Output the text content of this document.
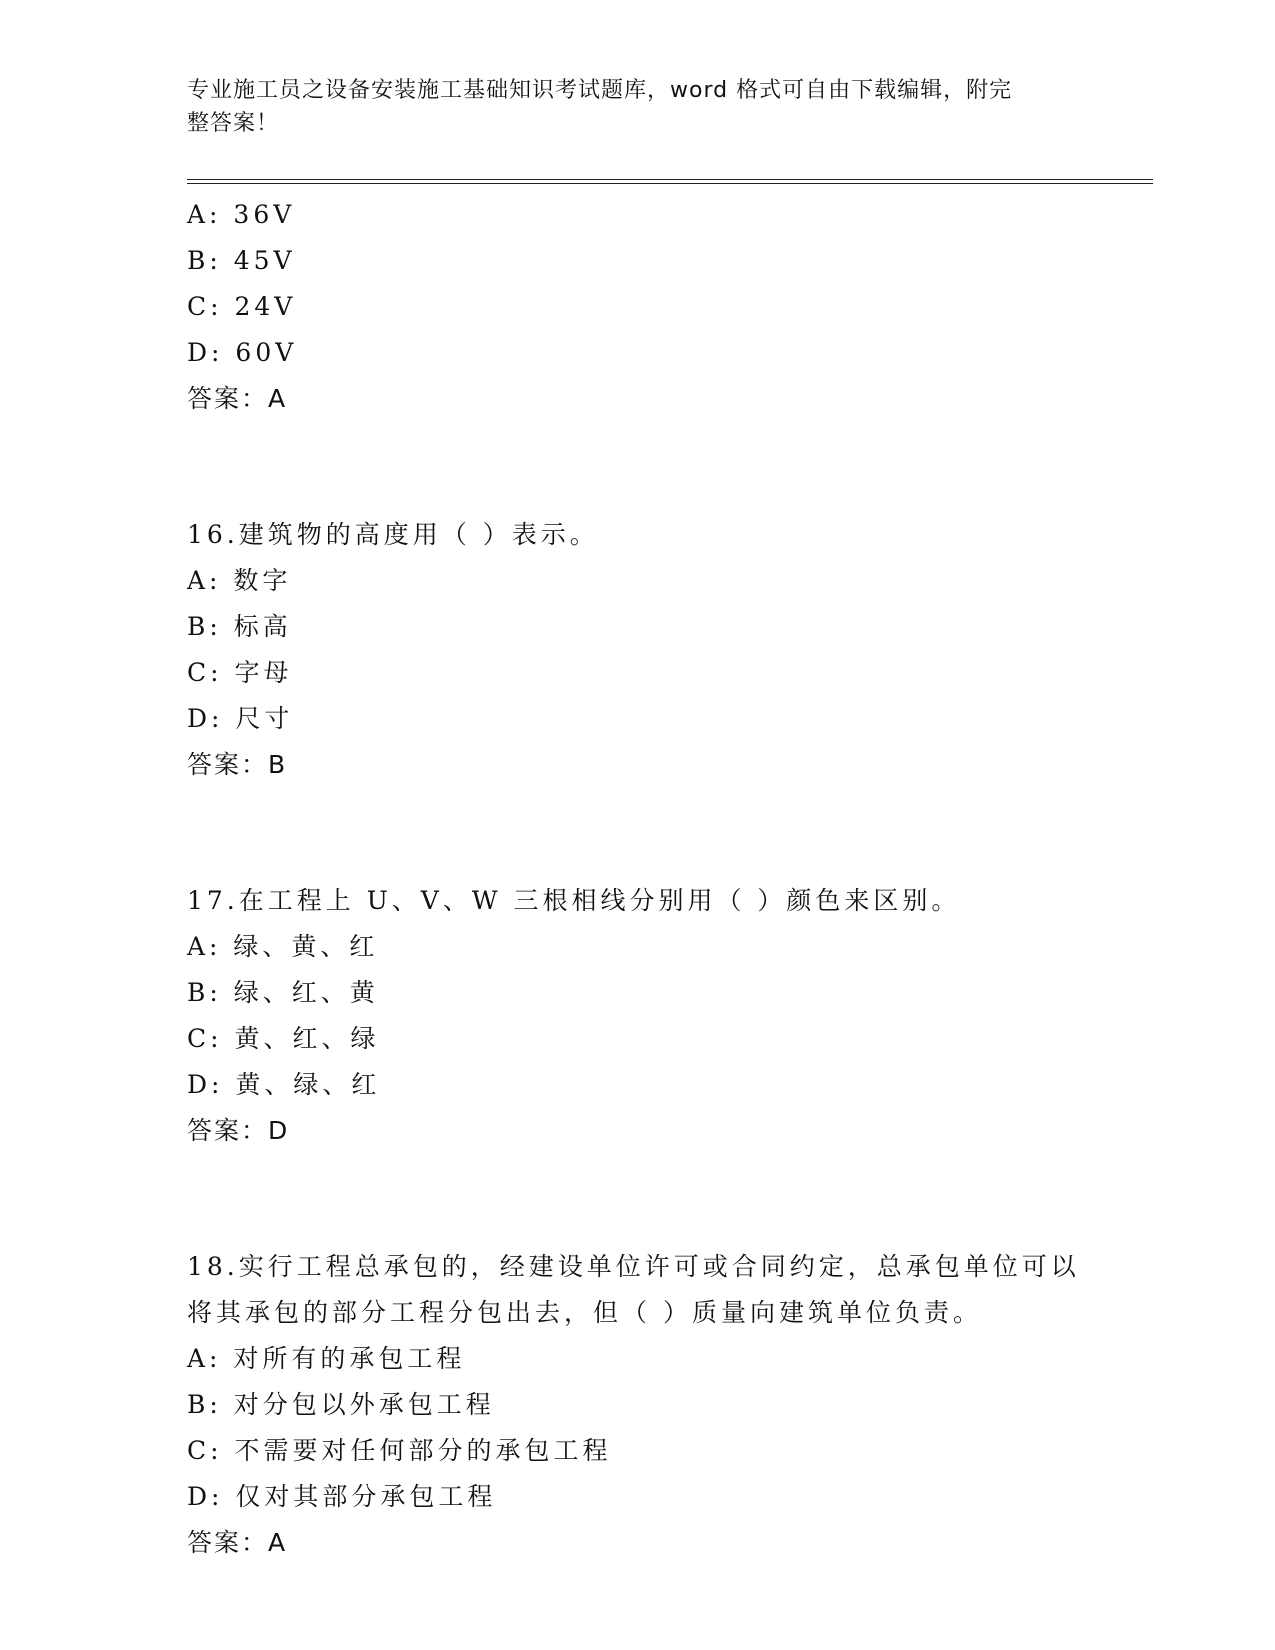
专业施工员之设备安装施工基础知识考试题库，word 格式可自由下载编辑，附完
整答案！
A: 36V
B: 45V
C: 24V
D: 60V
答案：A
16.建筑物的高度用（ ）表示。
A: 数字
B: 标高
C: 字母
D: 尺寸
答案：B
17.在工程上 U、V、W 三根相线分别用（ ）颜色来区别。
A: 绿、黄、红
B: 绿、红、黄
C: 黄、红、绿
D: 黄、绿、红
答案：D
18.实行工程总承包的，经建设单位许可或合同约定，总承包单位可以
将其承包的部分工程分包出去，但（ ）质量向建筑单位负责。
A: 对所有的承包工程
B: 对分包以外承包工程
C: 不需要对任何部分的承包工程
D: 仅对其部分承包工程
答案：A
